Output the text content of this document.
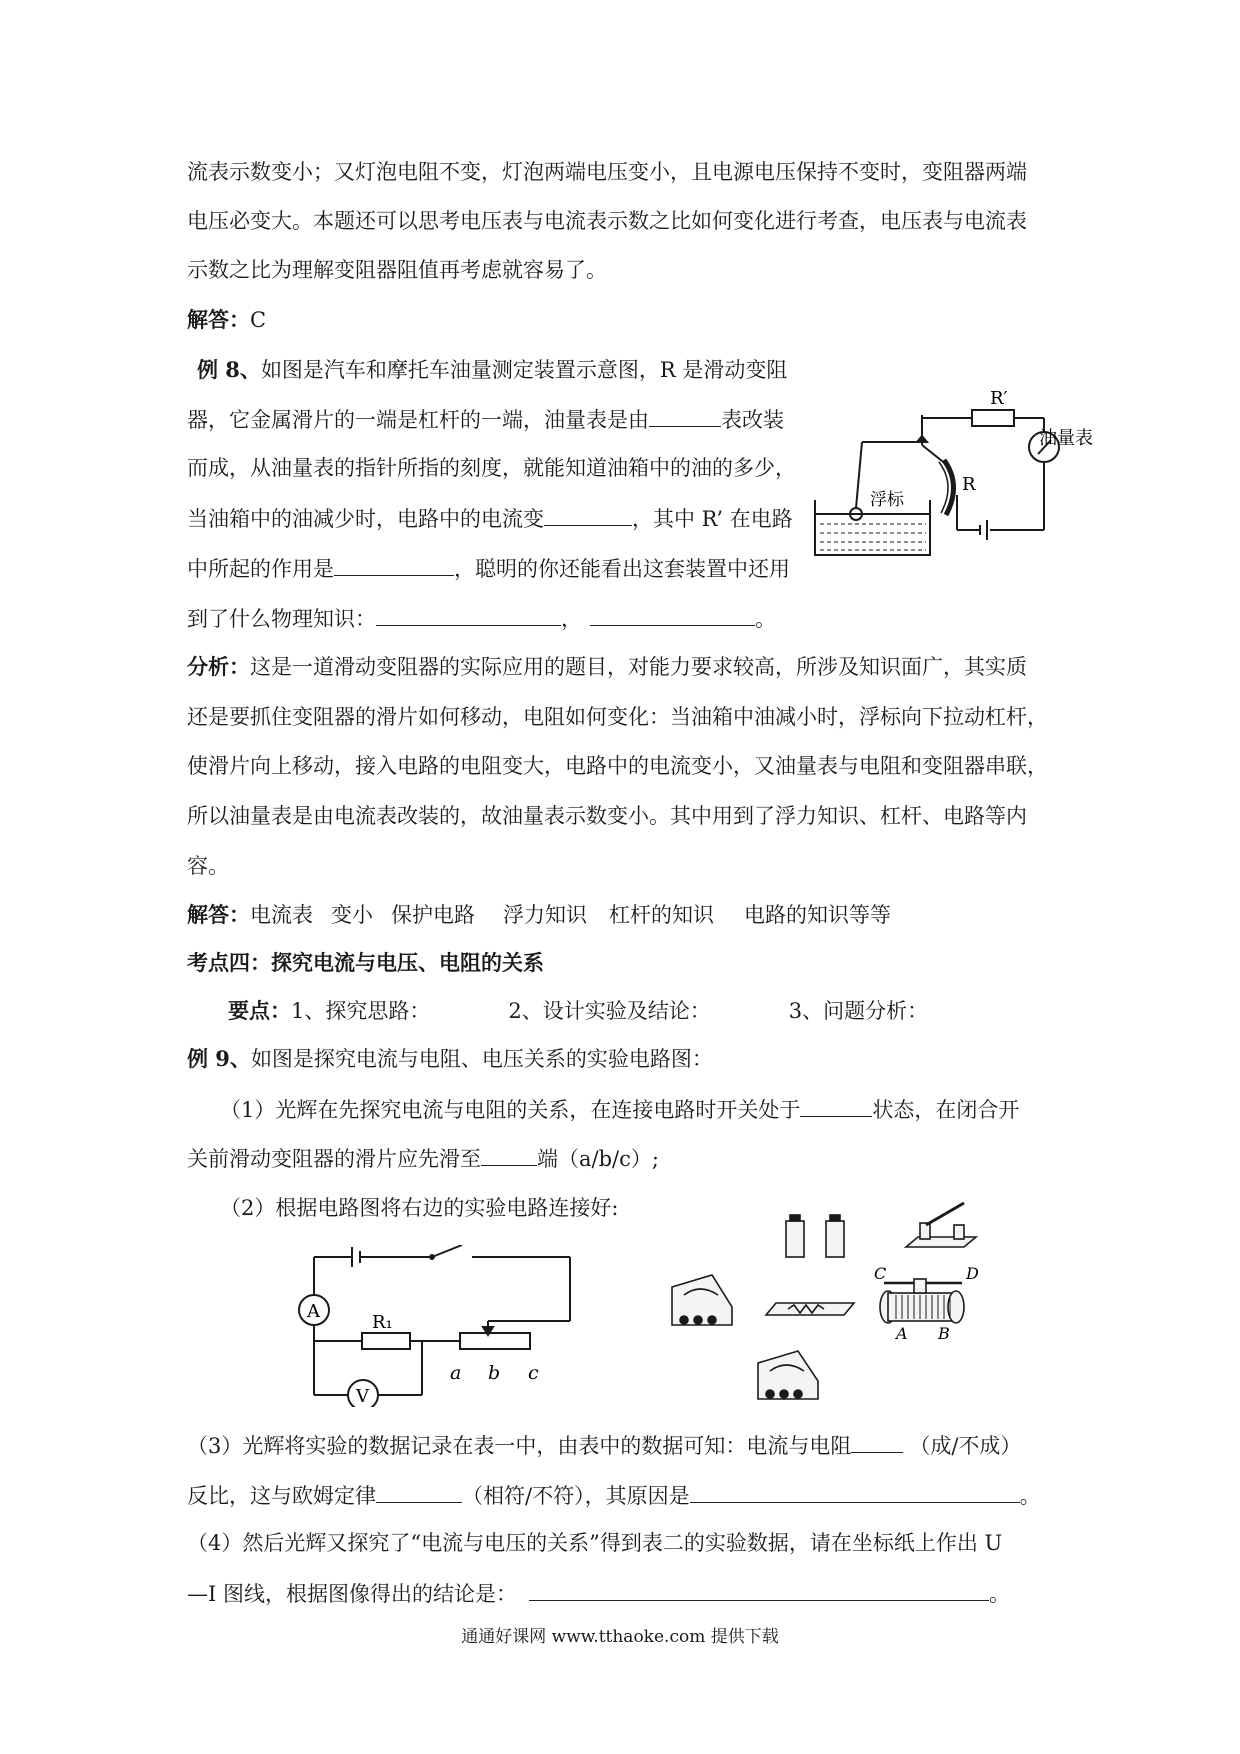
流表示数变小；又灯泡电阻不变，灯泡两端电压变小，且电源电压保持不变时，变阻器两端
电压必变大。本题还可以思考电压表与电流表示数之比如何变化进行考查，电压表与电流表
示数之比为理解变阻器阻值再考虑就容易了。
解答：C
例 8、如图是汽车和摩托车油量测定装置示意图，R 是滑动变阻
器，它金属滑片的一端是杠杆的一端，油量表是由	表改装
而成，从油量表的指针所指的刻度，就能知道油箱中的油的多少，
当油箱中的油减少时，电路中的电流变	，其中 R’ 在电路
中所起的作用是	，聪明的你还能看出这套装置中还用
到了什么物理知识：	，	。
R′
R
油量表
浮标
分析：这是一道滑动变阻器的实际应用的题目，对能力要求较高，所涉及知识面广，其实质
还是要抓住变阻器的滑片如何移动，电阻如何变化：当油箱中油减小时，浮标向下拉动杠杆，
使滑片向上移动，接入电路的电阻变大，电路中的电流变小，又油量表与电阻和变阻器串联，
所以油量表是由电流表改装的，故油量表示数变小。其中用到了浮力知识、杠杆、电路等内
容。
解答：电流表 变小 保护电路 浮力知识 杠杆的知识 电路的知识等等
考点四：探究电流与电压、电阻的关系
要点：1、探究思路：	2、设计实验及结论：	3、问题分析：
例 9、如图是探究电流与电阻、电压关系的实验电路图：
（1）光辉在先探究电流与电阻的关系，在连接电路时开关处于	状态，在闭合开
关前滑动变阻器的滑片应先滑至	端（a/b/c）;
（2）根据电路图将右边的实验电路连接好:
A
V
R₁
a b c
C	D
A B
（3）光辉将实验的数据记录在表一中，由表中的数据可知：电流与电阻	（成/不成）
反比，这与欧姆定律	（相符/不符），其原因是	。
（4）然后光辉又探究了“电流与电压的关系”得到表二的实验数据，请在坐标纸上作出 U
—I 图线，根据图像得出的结论是：	。
通通好课网 www.tthaoke.com 提供下载
